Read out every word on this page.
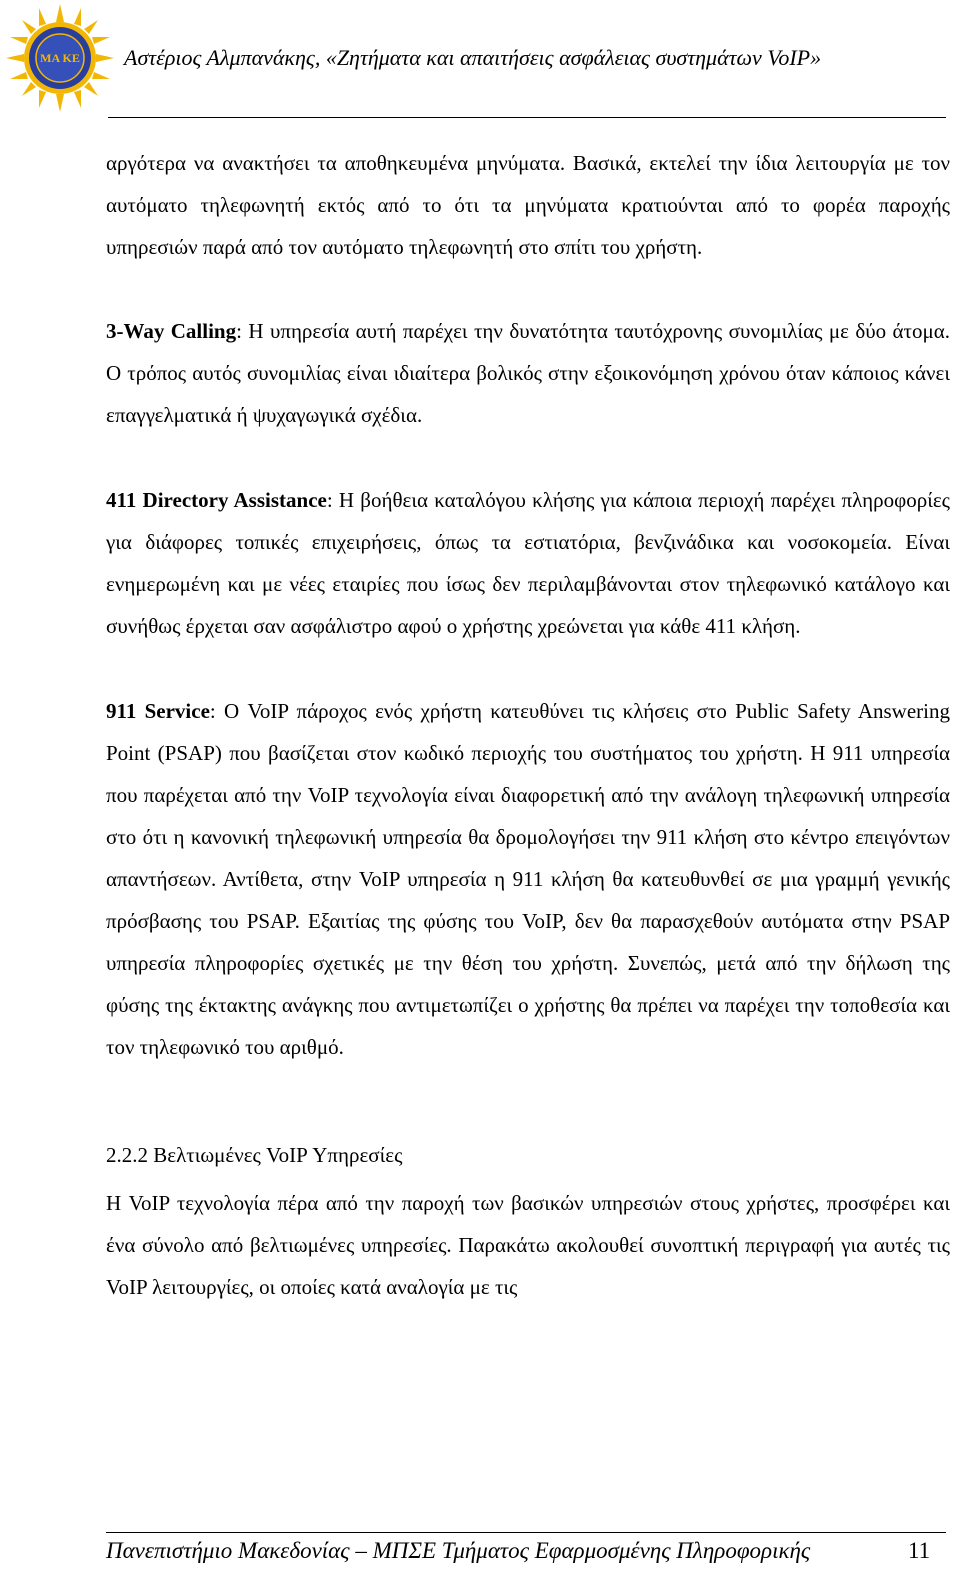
ΜΑ ΚΕ Αστέριος Αλμπανάκης, «Ζητήματα και απαιτήσεις ασφάλειας συστημάτων VoIP»

αργότερα να ανακτήσει τα αποθηκευμένα μηνύματα. Βασικά, εκτελεί την ίδια λειτουργία με τον αυτόματο τηλεφωνητή εκτός από το ότι τα μηνύματα κρατιούνται από το φορέα παροχής υπηρεσιών παρά από τον αυτόματο τηλεφωνητή στο σπίτι του χρήστη.

3-Way Calling: Η υπηρεσία αυτή παρέχει την δυνατότητα ταυτόχρονης συνομιλίας με δύο άτομα. Ο τρόπος αυτός συνομιλίας είναι ιδιαίτερα βολικός στην εξοικονόμηση χρόνου όταν κάποιος κάνει επαγγελματικά ή ψυχαγωγικά σχέδια.

411 Directory Assistance: Η βοήθεια καταλόγου κλήσης για κάποια περιοχή παρέχει πληροφορίες για διάφορες τοπικές επιχειρήσεις, όπως τα εστιατόρια, βενζινάδικα και νοσοκομεία. Είναι ενημερωμένη και με νέες εταιρίες που ίσως δεν περιλαμβάνονται στον τηλεφωνικό κατάλογο και συνήθως έρχεται σαν ασφάλιστρο αφού ο χρήστης χρεώνεται για κάθε 411 κλήση.

911 Service: Ο VoIP πάροχος ενός χρήστη κατευθύνει τις κλήσεις στο Public Safety Answering Point (PSAP) που βασίζεται στον κωδικό περιοχής του συστήματος του χρήστη. Η 911 υπηρεσία που παρέχεται από την VoIP τεχνολογία είναι διαφορετική από την ανάλογη τηλεφωνική υπηρεσία στο ότι η κανονική τηλεφωνική υπηρεσία θα δρομολογήσει την 911 κλήση στο κέντρο επειγόντων απαντήσεων. Αντίθετα, στην VoIP υπηρεσία η 911 κλήση θα κατευθυνθεί σε μια γραμμή γενικής πρόσβασης του PSAP. Εξαιτίας της φύσης του VoIP, δεν θα παρασχεθούν αυτόματα στην PSAP υπηρεσία πληροφορίες σχετικές με την θέση του χρήστη. Συνεπώς, μετά από την δήλωση της φύσης της έκτακτης ανάγκης που αντιμετωπίζει ο χρήστης θα πρέπει να παρέχει την τοποθεσία και τον τηλεφωνικό του αριθμό.

2.2.2 Βελτιωμένες VoIP Υπηρεσίες

Η VoIP τεχνολογία πέρα από την παροχή των βασικών υπηρεσιών στους χρήστες, προσφέρει και ένα σύνολο από βελτιωμένες υπηρεσίες. Παρακάτω ακολουθεί συνοπτική περιγραφή για αυτές τις VoIP λειτουργίες, οι οποίες κατά αναλογία με τις

Πανεπιστήμιο Μακεδονίας – ΜΠΣΕ Τμήματος Εφαρμοσμένης Πληροφορικής	11
